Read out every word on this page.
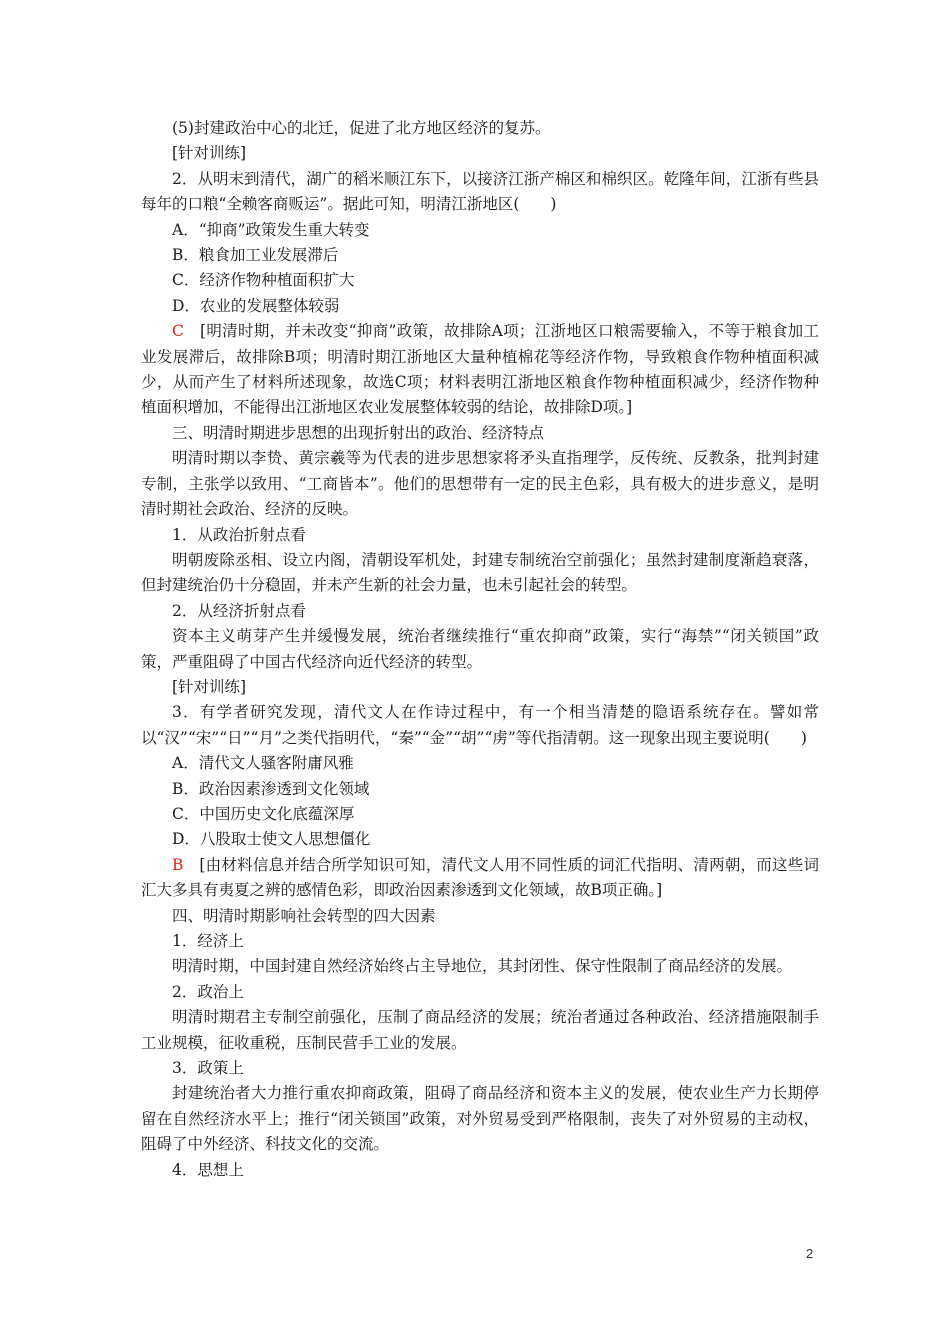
(5)封建政治中心的北迁，促进了北方地区经济的复苏。

[针对训练]

2．从明末到清代，湖广的稻米顺江东下，以接济江浙产棉区和棉织区。乾隆年间，江浙有些县每年的口粮“全赖客商贩运”。据此可知，明清江浙地区(　　)

A．“抑商”政策发生重大转变

B．粮食加工业发展滞后

C．经济作物种植面积扩大

D．农业的发展整体较弱

C　[明清时期，并未改变“抑商”政策，故排除A项；江浙地区口粮需要输入，不等于粮食加工业发展滞后，故排除B项；明清时期江浙地区大量种植棉花等经济作物，导致粮食作物种植面积减少，从而产生了材料所述现象，故选C项；材料表明江浙地区粮食作物种植面积减少，经济作物种植面积增加，不能得出江浙地区农业发展整体较弱的结论，故排除D项。]

三、明清时期进步思想的出现折射出的政治、经济特点

明清时期以李贽、黄宗羲等为代表的进步思想家将矛头直指理学，反传统、反教条，批判封建专制，主张学以致用、“工商皆本”。他们的思想带有一定的民主色彩，具有极大的进步意义，是明清时期社会政治、经济的反映。

1．从政治折射点看

明朝废除丞相、设立内阁，清朝设军机处，封建专制统治空前强化；虽然封建制度渐趋衰落，但封建统治仍十分稳固，并未产生新的社会力量，也未引起社会的转型。

2．从经济折射点看

资本主义萌芽产生并缓慢发展，统治者继续推行“重农抑商”政策，实行“海禁”“闭关锁国”政策，严重阻碍了中国古代经济向近代经济的转型。

[针对训练]

3．有学者研究发现，清代文人在作诗过程中，有一个相当清楚的隐语系统存在。譬如常以“汉”“宋”“日”“月”之类代指明代，“秦”“金”“胡”“虏”等代指清朝。这一现象出现主要说明(　　)

A．清代文人骚客附庸风雅

B．政治因素渗透到文化领域

C．中国历史文化底蕴深厚

D．八股取士使文人思想僵化

B　[由材料信息并结合所学知识可知，清代文人用不同性质的词汇代指明、清两朝，而这些词汇大多具有夷夏之辨的感情色彩，即政治因素渗透到文化领域，故B项正确。]

四、明清时期影响社会转型的四大因素

1．经济上

明清时期，中国封建自然经济始终占主导地位，其封闭性、保守性限制了商品经济的发展。

2．政治上

明清时期君主专制空前强化，压制了商品经济的发展；统治者通过各种政治、经济措施限制手工业规模，征收重税，压制民营手工业的发展。

3．政策上

封建统治者大力推行重农抑商政策，阻碍了商品经济和资本主义的发展，使农业生产力长期停留在自然经济水平上；推行“闭关锁国”政策，对外贸易受到严格限制，丧失了对外贸易的主动权，阻碍了中外经济、科技文化的交流。

4．思想上

2
